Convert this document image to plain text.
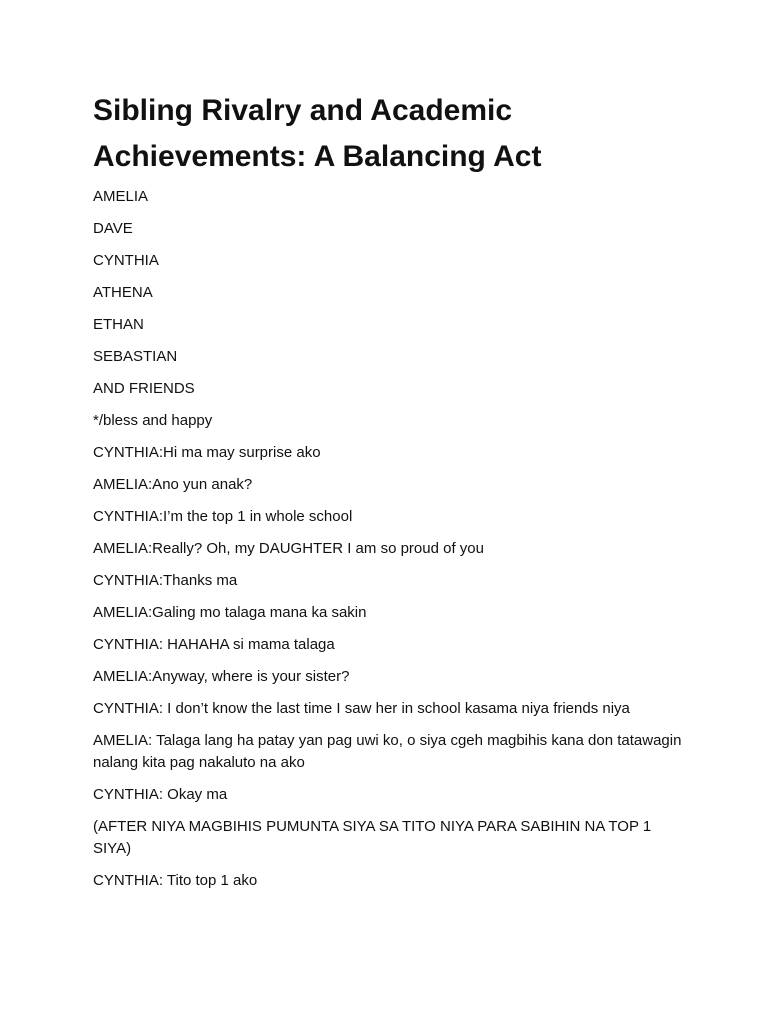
Sibling Rivalry and Academic
Achievements: A Balancing Act

AMELIA

DAVE

CYNTHIA

ATHENA

ETHAN

SEBASTIAN

AND FRIENDS

*/bless and happy

CYNTHIA:Hi ma may surprise ako

AMELIA:Ano yun anak?

CYNTHIA:I’m the top 1 in whole school

AMELIA:Really? Oh, my DAUGHTER I am so proud of you

CYNTHIA:Thanks ma

AMELIA:Galing mo talaga mana ka sakin

CYNTHIA: HAHAHA si mama talaga

AMELIA:Anyway, where is your sister?

CYNTHIA: I don’t know the last time I saw her in school kasama niya friends niya

AMELIA: Talaga lang ha patay yan pag uwi ko, o siya cgeh magbihis kana don tatawagin nalang kita pag nakaluto na ako

CYNTHIA: Okay ma

(AFTER NIYA MAGBIHIS PUMUNTA SIYA SA TITO NIYA PARA SABIHIN NA TOP 1 SIYA)

CYNTHIA: Tito top 1 ako
